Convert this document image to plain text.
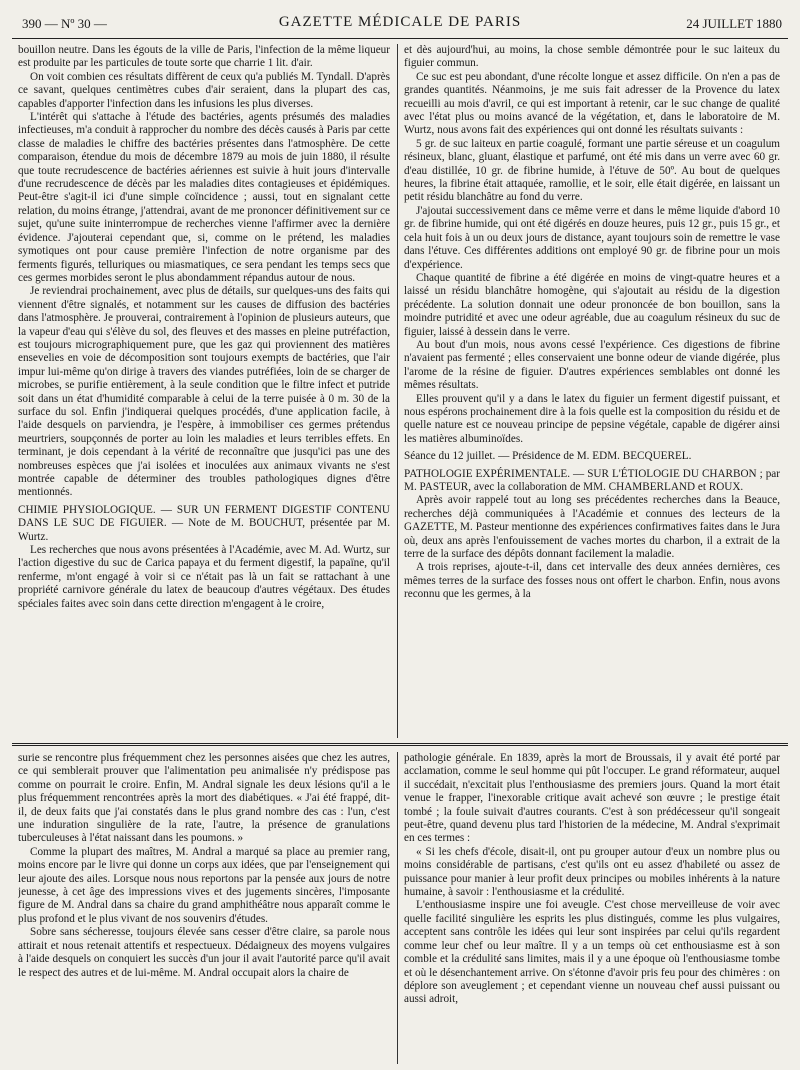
390 — Nº 30 —	GAZETTE MÉDICALE DE PARIS	24 JUILLET 1880

bouillon neutre. Dans les égouts de la ville de Paris, l'infection de la même liqueur est produite par les particules de toute sorte que charrie 1 lit. d'air.

On voit combien ces résultats diffèrent de ceux qu'a publiés M. Tyndall. D'après ce savant, quelques centimètres cubes d'air seraient, dans la plupart des cas, capables d'apporter l'infection dans les infusions les plus diverses.

L'intérêt qui s'attache à l'étude des bactéries, agents présumés des maladies infectieuses, m'a conduit à rapprocher du nombre des décès causés à Paris par cette classe de maladies le chiffre des bactéries présentes dans l'atmosphère. De cette comparaison, étendue du mois de décembre 1879 au mois de juin 1880, il résulte que toute recrudescence de bactéries aériennes est suivie à huit jours d'intervalle d'une recrudescence de décès par les maladies dites contagieuses et épidémiques. Peut-être s'agit-il ici d'une simple coïncidence ; aussi, tout en signalant cette relation, du moins étrange, j'attendrai, avant de me prononcer définitivement sur ce sujet, qu'une suite ininterrompue de recherches vienne l'affirmer avec la dernière évidence. J'ajouterai cependant que, si, comme on le prétend, les maladies symotiques ont pour cause première l'infection de notre organisme par des ferments figurés, telluriques ou miasmatiques, ce sera pendant les temps secs que ces germes morbides seront le plus abondamment répandus autour de nous.

Je reviendrai prochainement, avec plus de détails, sur quelques-uns des faits qui viennent d'être signalés, et notamment sur les causes de diffusion des bactéries dans l'atmosphère. Je prouverai, contrairement à l'opinion de plusieurs auteurs, que la vapeur d'eau qui s'élève du sol, des fleuves et des masses en pleine putréfaction, est toujours micrographiquement pure, que les gaz qui proviennent des matières ensevelies en voie de décomposition sont toujours exempts de bactéries, que l'air impur lui-même qu'on dirige à travers des viandes putréfiées, loin de se charger de microbes, se purifie entièrement, à la seule condition que le filtre infect et putride soit dans un état d'humidité comparable à celui de la terre puisée à 0 m. 30 de la surface du sol. Enfin j'indiquerai quelques procédés, d'une application facile, à l'aide desquels on parviendra, je l'espère, à immobiliser ces germes prétendus meurtriers, soupçonnés de porter au loin les maladies et leurs terribles effets. En terminant, je dois cependant à la vérité de reconnaître que jusqu'ici pas une des nombreuses espèces que j'ai isolées et inoculées aux animaux vivants ne s'est montrée capable de déterminer des troubles pathologiques dignes d'être mentionnés.

CHIMIE PHYSIOLOGIQUE. — SUR UN FERMENT DIGESTIF CONTENU DANS LE SUC DE FIGUIER. — Note de M. BOUCHUT, présentée par M. Wurtz.

Les recherches que nous avons présentées à l'Académie, avec M. Ad. Wurtz, sur l'action digestive du suc de Carica papaya et du ferment digestif, la papaïne, qu'il renferme, m'ont engagé à voir si ce n'était pas là un fait se rattachant à une propriété carnivore générale du latex de beaucoup d'autres végétaux. Des études spéciales faites avec soin dans cette direction m'engagent à le croire,

et dès aujourd'hui, au moins, la chose semble démontrée pour le suc laiteux du figuier commun.

Ce suc est peu abondant, d'une récolte longue et assez difficile. On n'en a pas de grandes quantités. Néanmoins, je me suis fait adresser de la Provence du latex recueilli au mois d'avril, ce qui est important à retenir, car le suc change de qualité avec l'état plus ou moins avancé de la végétation, et, dans le laboratoire de M. Wurtz, nous avons fait des expériences qui ont donné les résultats suivants :

5 gr. de suc laiteux en partie coagulé, formant une partie séreuse et un coagulum résineux, blanc, gluant, élastique et parfumé, ont été mis dans un verre avec 60 gr. d'eau distillée, 10 gr. de fibrine humide, à l'étuve de 50º. Au bout de quelques heures, la fibrine était attaquée, ramollie, et le soir, elle était digérée, en laissant un petit résidu blanchâtre au fond du verre.

J'ajoutai successivement dans ce même verre et dans le même liquide d'abord 10 gr. de fibrine humide, qui ont été digérés en douze heures, puis 12 gr., puis 15 gr., et cela huit fois à un ou deux jours de distance, ayant toujours soin de remettre le vase dans l'étuve. Ces différentes additions ont employé 90 gr. de fibrine pour un mois d'expérience.

Chaque quantité de fibrine a été digérée en moins de vingt-quatre heures et a laissé un résidu blanchâtre homogène, qui s'ajoutait au résidu de la digestion précédente. La solution donnait une odeur prononcée de bon bouillon, sans la moindre putridité et avec une odeur agréable, due au coagulum résineux du suc de figuier, laissé à dessein dans le verre.

Au bout d'un mois, nous avons cessé l'expérience. Ces digestions de fibrine n'avaient pas fermenté ; elles conservaient une bonne odeur de viande digérée, plus l'arome de la résine de figuier. D'autres expériences semblables ont donné les mêmes résultats.

Elles prouvent qu'il y a dans le latex du figuier un ferment digestif puissant, et nous espérons prochainement dire à la fois quelle est la composition du résidu et de quelle nature est ce nouveau principe de pepsine végétale, capable de digérer ainsi les matières albuminoïdes.

Séance du 12 juillet. — Présidence de M. EDM. BECQUEREL.

PATHOLOGIE EXPÉRIMENTALE. — SUR L'ÉTIOLOGIE DU CHARBON ; par M. PASTEUR, avec la collaboration de MM. CHAMBERLAND et ROUX.

Après avoir rappelé tout au long ses précédentes recherches dans la Beauce, recherches déjà communiquées à l'Académie et connues des lecteurs de la GAZETTE, M. Pasteur mentionne des expériences confirmatives faites dans le Jura où, deux ans après l'enfouissement de vaches mortes du charbon, il a extrait de la terre de la surface des dépôts donnant facilement la maladie.

A trois reprises, ajoute-t-il, dans cet intervalle des deux années dernières, ces mêmes terres de la surface des fosses nous ont offert le charbon. Enfin, nous avons reconnu que les germes, à la

surie se rencontre plus fréquemment chez les personnes aisées que chez les autres, ce qui semblerait prouver que l'alimentation peu animalisée n'y prédispose pas comme on pourrait le croire. Enfin, M. Andral signale les deux lésions qu'il a le plus fréquemment rencontrées après la mort des diabétiques. « J'ai été frappé, dit-il, de deux faits que j'ai constatés dans le plus grand nombre des cas : l'un, c'est une induration singulière de la rate, l'autre, la présence de granulations tuberculeuses à l'état naissant dans les poumons. »

Comme la plupart des maîtres, M. Andral a marqué sa place au premier rang, moins encore par le livre qui donne un corps aux idées, que par l'enseignement qui leur ajoute des ailes. Lorsque nous nous reportons par la pensée aux jours de notre jeunesse, à cet âge des impressions vives et des jugements sincères, l'imposante figure de M. Andral dans sa chaire du grand amphithéâtre nous apparaît comme le plus profond et le plus vivant de nos souvenirs d'études.

Sobre sans sécheresse, toujours élevée sans cesser d'être claire, sa parole nous attirait et nous retenait attentifs et respectueux. Dédaigneux des moyens vulgaires à l'aide desquels on conquiert les succès d'un jour il avait l'autorité parce qu'il avait le respect des autres et de lui-même. M. Andral occupait alors la chaire de

pathologie générale. En 1839, après la mort de Broussais, il y avait été porté par acclamation, comme le seul homme qui pût l'occuper. Le grand réformateur, auquel il succédait, n'excitait plus l'enthousiasme des premiers jours. Quand la mort était venue le frapper, l'inexorable critique avait achevé son œuvre ; le prestige était tombé ; la foule suivait d'autres courants. C'est à son prédécesseur qu'il songeait peut-être, quand devenu plus tard l'historien de la médecine, M. Andral s'exprimait en ces termes :

« Si les chefs d'école, disait-il, ont pu grouper autour d'eux un nombre plus ou moins considérable de partisans, c'est qu'ils ont eu assez d'habileté ou assez de puissance pour manier à leur profit deux principes ou mobiles inhérents à la nature humaine, à savoir : l'enthousiasme et la crédulité.

L'enthousiasme inspire une foi aveugle. C'est chose merveilleuse de voir avec quelle facilité singulière les esprits les plus distingués, comme les plus vulgaires, acceptent sans contrôle les idées qui leur sont inspirées par celui qu'ils regardent comme leur chef ou leur maître. Il y a un temps où cet enthousiasme est à son comble et la crédulité sans limites, mais il y a une époque où l'enthousiasme tombe et où le désenchantement arrive. On s'étonne d'avoir pris feu pour des chimères : on déplore son aveuglement ; et cependant vienne un nouveau chef aussi puissant ou aussi adroit,
